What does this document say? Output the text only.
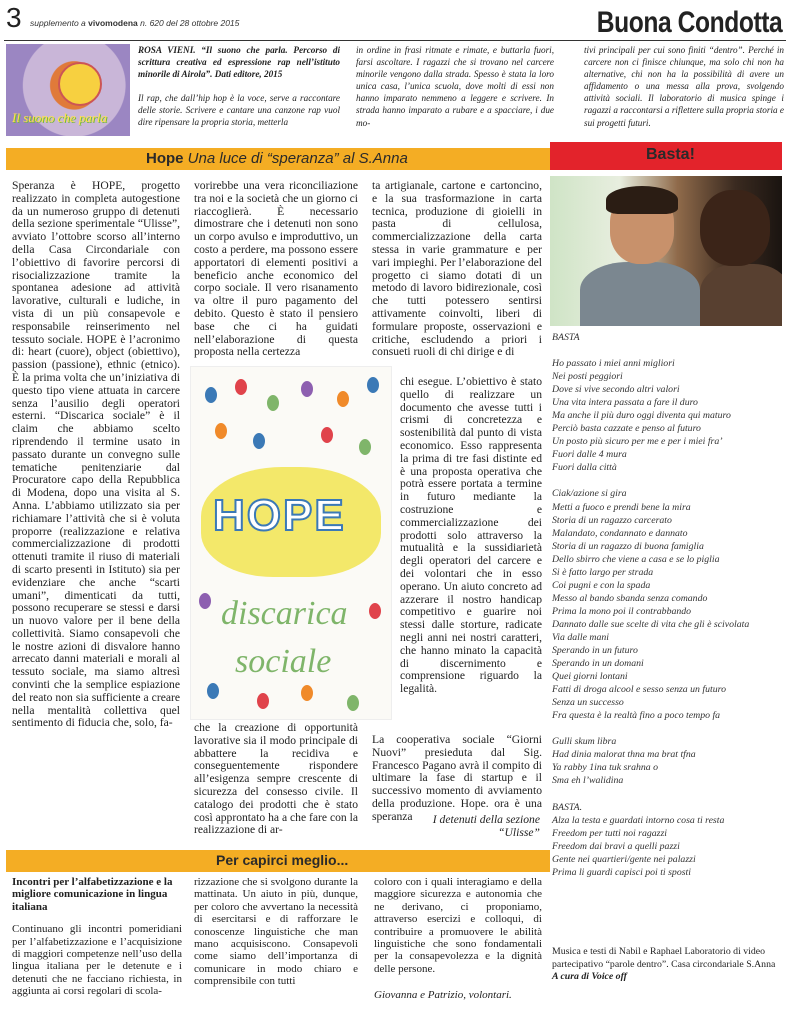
3 supplemento a vivomodena n. 620 del 28 ottobre 2015	Buona Condotta
Il suono che parla

ROSA VIENI. “Il suono che parla. Percorso di scrittura creativa ed espressione rap nell’istituto minorile di Airola”. Dati editore, 2015

Il rap, che dall’hip hop è la voce, serve a raccontare delle storie. Scrivere e cantare una canzone rap vuol dire ripensare la propria storia, metterla

in ordine in frasi ritmate e rimate, e buttarla fuori, farsi ascoltare. I ragazzi che si trovano nel carcere minorile vengono dalla strada. Spesso è stata la loro unica casa, l’unica scuola, dove molti di essi non hanno imparato nemmeno a leggere e scrivere. In strada hanno imparato a rubare e a spacciare, i due mo-
tivi principali per cui sono finiti “dentro”. Perché in carcere non ci finisce chiunque, ma solo chi non ha alternative, chi non ha la possibilità di avere un affidamento o una messa alla prova, svolgendo attività sociali. Il laboratorio di musica spinge i ragazzi a raccontarsi a riflettere sulla propria storia e sui progetti futuri.
Hope Una luce di “speranza” al S.Anna	Basta!
Speranza è HOPE, progetto realizzato in completa autogestione da un numeroso gruppo di detenuti della sezione sperimentale “Ulisse”, avviato l’ottobre scorso all’interno della Casa Circondariale con l’obiettivo di favorire percorsi di risocializzazione tramite la spontanea adesione ad attività lavorative, culturali e ludiche, in vista di un più consapevole e responsabile reinserimento nel tessuto sociale. HOPE è l’acronimo di: heart (cuore), object (obiettivo), passion (passione), ethnic (etnico). È la prima volta che un’iniziativa di questo tipo viene attuata in carcere senza l’ausilio degli operatori esterni. “Discarica sociale” è il claim che abbiamo scelto riprendendo il termine usato in passato durante un convegno sulle tematiche penitenziarie dal Procuratore capo della Repubblica di Modena, dopo una visita al S. Anna. L’abbiamo utilizzato sia per richiamare l’attività che si è voluta proporre (realizzazione e relativa commercializzazione di prodotti ottenuti tramite il riuso di materiali di scarto presenti in Istituto) sia per evidenziare che anche “scarti umani”, dimenticati da tutti, possono recuperare se stessi e darsi un nuovo valore per il bene della collettività. Siamo consapevoli che le nostre azioni di disvalore hanno arrecato danni materiali e morali al tessuto sociale, ma siamo altresì convinti che la semplice espiazione del reato non sia sufficiente a creare nella mentalità collettiva quel sentimento di fiducia che, solo, fa-
vorirebbe una vera riconciliazione tra noi e la società che un giorno ci riaccoglierà. È necessario dimostrare che i detenuti non sono un corpo avulso e improduttivo, un costo a perdere, ma possono essere apportatori di elementi positivi a beneficio anche economico del corpo sociale. Il vero risanamento va oltre il puro pagamento del debito. Questo è stato il pensiero base che ci ha guidati nell’elaborazione di questa proposta nella certezza
ta artigianale, cartone e cartoncino, e la sua trasformazione in carta tecnica, produzione di gioielli in pasta di cellulosa, commercializzazione della carta stessa in varie grammature e per vari impieghi. Per l’elaborazione del progetto ci siamo dotati di un metodo di lavoro bidirezionale, così che tutti potessero sentirsi attivamente coinvolti, liberi di formulare proposte, osservazioni e critiche, escludendo a priori i consueti ruoli di chi dirige e di
HOPE
discarica
sociale
chi esegue. L’obiettivo è stato quello di realizzare un documento che avesse tutti i crismi di concretezza e sostenibilità dal punto di vista economico. Esso rappresenta la prima di tre fasi distinte ed è una proposta operativa che potrà essere portata a termine in futuro mediante la costruzione e commercializzazione dei prodotti solo attraverso la mutualità e la sussidiarietà degli operatori del carcere e dei volontari che in esso operano. Un aiuto concreto ad azzerare il nostro handicap competitivo e guarire noi stessi dalle storture, radicate negli anni nei nostri caratteri, che hanno minato la capacità di discernimento e comprensione riguardo la legalità.
che la creazione di opportunità lavorative sia il modo principale di abbattere la recidiva e conseguentemente rispondere all’esigenza sempre crescente di sicurezza del consesso civile. Il catalogo dei prodotti che è stato così approntato ha a che fare con la realizzazione di ar-
La cooperativa sociale “Giorni Nuovi” presieduta dal Sig. Francesco Pagano avrà il compito di ultimare la fase di startup e il successivo momento di avviamento della produzione. Hope. ora è una speranza	I detenuti della sezione
“Ulisse”
BASTA
Ho passato i miei anni migliori
Nei posti peggiori
Dove si vive secondo altri valori
Una vita intera passata a fare il duro
Ma anche il più duro oggi diventa qui maturo
Perciò basta cazzate e penso al futuro
Un posto più sicuro per me e per i miei fra’
Fuori dalle 4 mura
Fuori dalla città
Ciak/azione si gira
Metti a fuoco e prendi bene la mira
Storia di un ragazzo carcerato
Malandato, condannato e dannato
Storia di un ragazzo di buona famiglia
Dello sbirro che viene a casa e se lo piglia
Si è fatto largo per strada
Coi pugni e con la spada
Messo al bando sbanda senza comando
Prima la mono poi il contrabbando
Dannato dalle sue scelte di vita che gli è scivolata
Via dalle mani
Sperando in un futuro
Sperando in un domani
Quei giorni lontani
Fatti di droga alcool e sesso senza un futuro
Senza un successo
Fra questa è la realtà fino a poco tempo fa
Gulli skum libra
Had dinia malorat thna ma brat tfna
Ya rabby 1ina tuk srahna o
Sma eh l’walidina
BASTA.
Alza la testa e guardati intorno cosa ti resta
Freedom per tutti noi ragazzi
Freedom dai bravi a quelli pazzi
Gente nei quartieri/gente nei palazzi
Prima li guardi capisci poi ti sposti
Musica e testi di Nabil e Raphael Laboratorio di video partecipativo “parole dentro”. Casa circondariale S.Anna
A cura di Voice off
Per capirci meglio...
Incontri per l’alfabetizzazione e la migliore comunicazione in lingua italiana
Continuano gli incontri pomeridiani per l’alfabetizzazione e l’acquisizione di maggiori competenze nell’uso della lingua italiana per le detenute e i detenuti che ne facciano richiesta, in aggiunta ai corsi regolari di scola-
rizzazione che si svolgono durante la mattinata. Un aiuto in più, dunque, per coloro che avvertano la necessità di esercitarsi e di rafforzare le conoscenze linguistiche che man mano acquisiscono. Consapevoli come siamo dell’importanza di comunicare in modo chiaro e comprensibile con tutti
coloro con i quali interagiamo e della maggiore sicurezza e autonomia che ne derivano, ci proponiamo, attraverso esercizi e colloqui, di contribuire a promuovere le abilità linguistiche che sono fondamentali per la consapevolezza e la dignità delle persone.
Giovanna e Patrizio, volontari.
